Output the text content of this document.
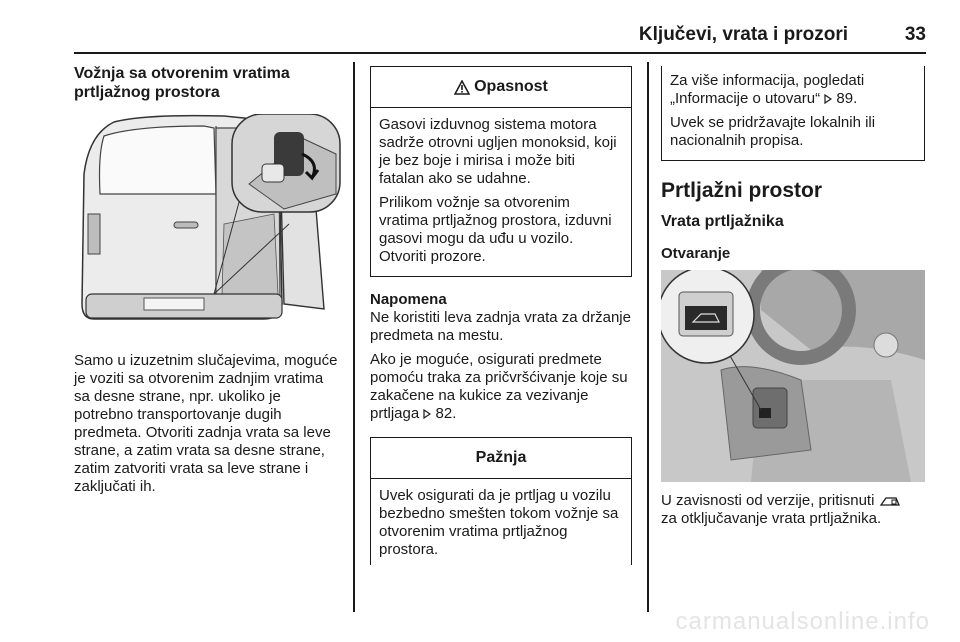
Ključevi, vrata i prozori	33

Vožnja sa otvorenim vratima prtljažnog prostora

Samo u izuzetnim slučajevima, moguće je voziti sa otvorenim zadnjim vratima sa desne strane, npr. ukoliko je potrebno transportovanje dugih predmeta. Otvoriti zadnja vrata sa leve strane, a zatim vrata sa desne strane, zatim zatvoriti vrata sa leve strane i zaključati ih.

Opasnost

Gasovi izduvnog sistema motora sadrže otrovni ugljen monoksid, koji je bez boje i mirisa i može biti fatalan ako se udahne.

Prilikom vožnje sa otvorenim vratima prtljažnog prostora, izduvni gasovi mogu da uđu u vozilo. Otvoriti prozore.

Napomena

Ne koristiti leva zadnja vrata za držanje predmeta na mestu.

Ako je moguće, osigurati predmete pomoću traka za pričvršćivanje koje su zakačene na kukice za vezivanje prtljaga 82.

Pažnja

Uvek osigurati da je prtljag u vozilu bezbedno smešten tokom vožnje sa otvorenim vratima prtljažnog prostora.

Za više informacija, pogledati „Informacije o utovaru“ 89.

Uvek se pridržavajte lokalnih ili nacionalnih propisa.

Prtljažni prostor

Vrata prtljažnika

Otvaranje

U zavisnosti od verzije, pritisnuti

za otključavanje vrata prtljažnika.

carmanualsonline.info
